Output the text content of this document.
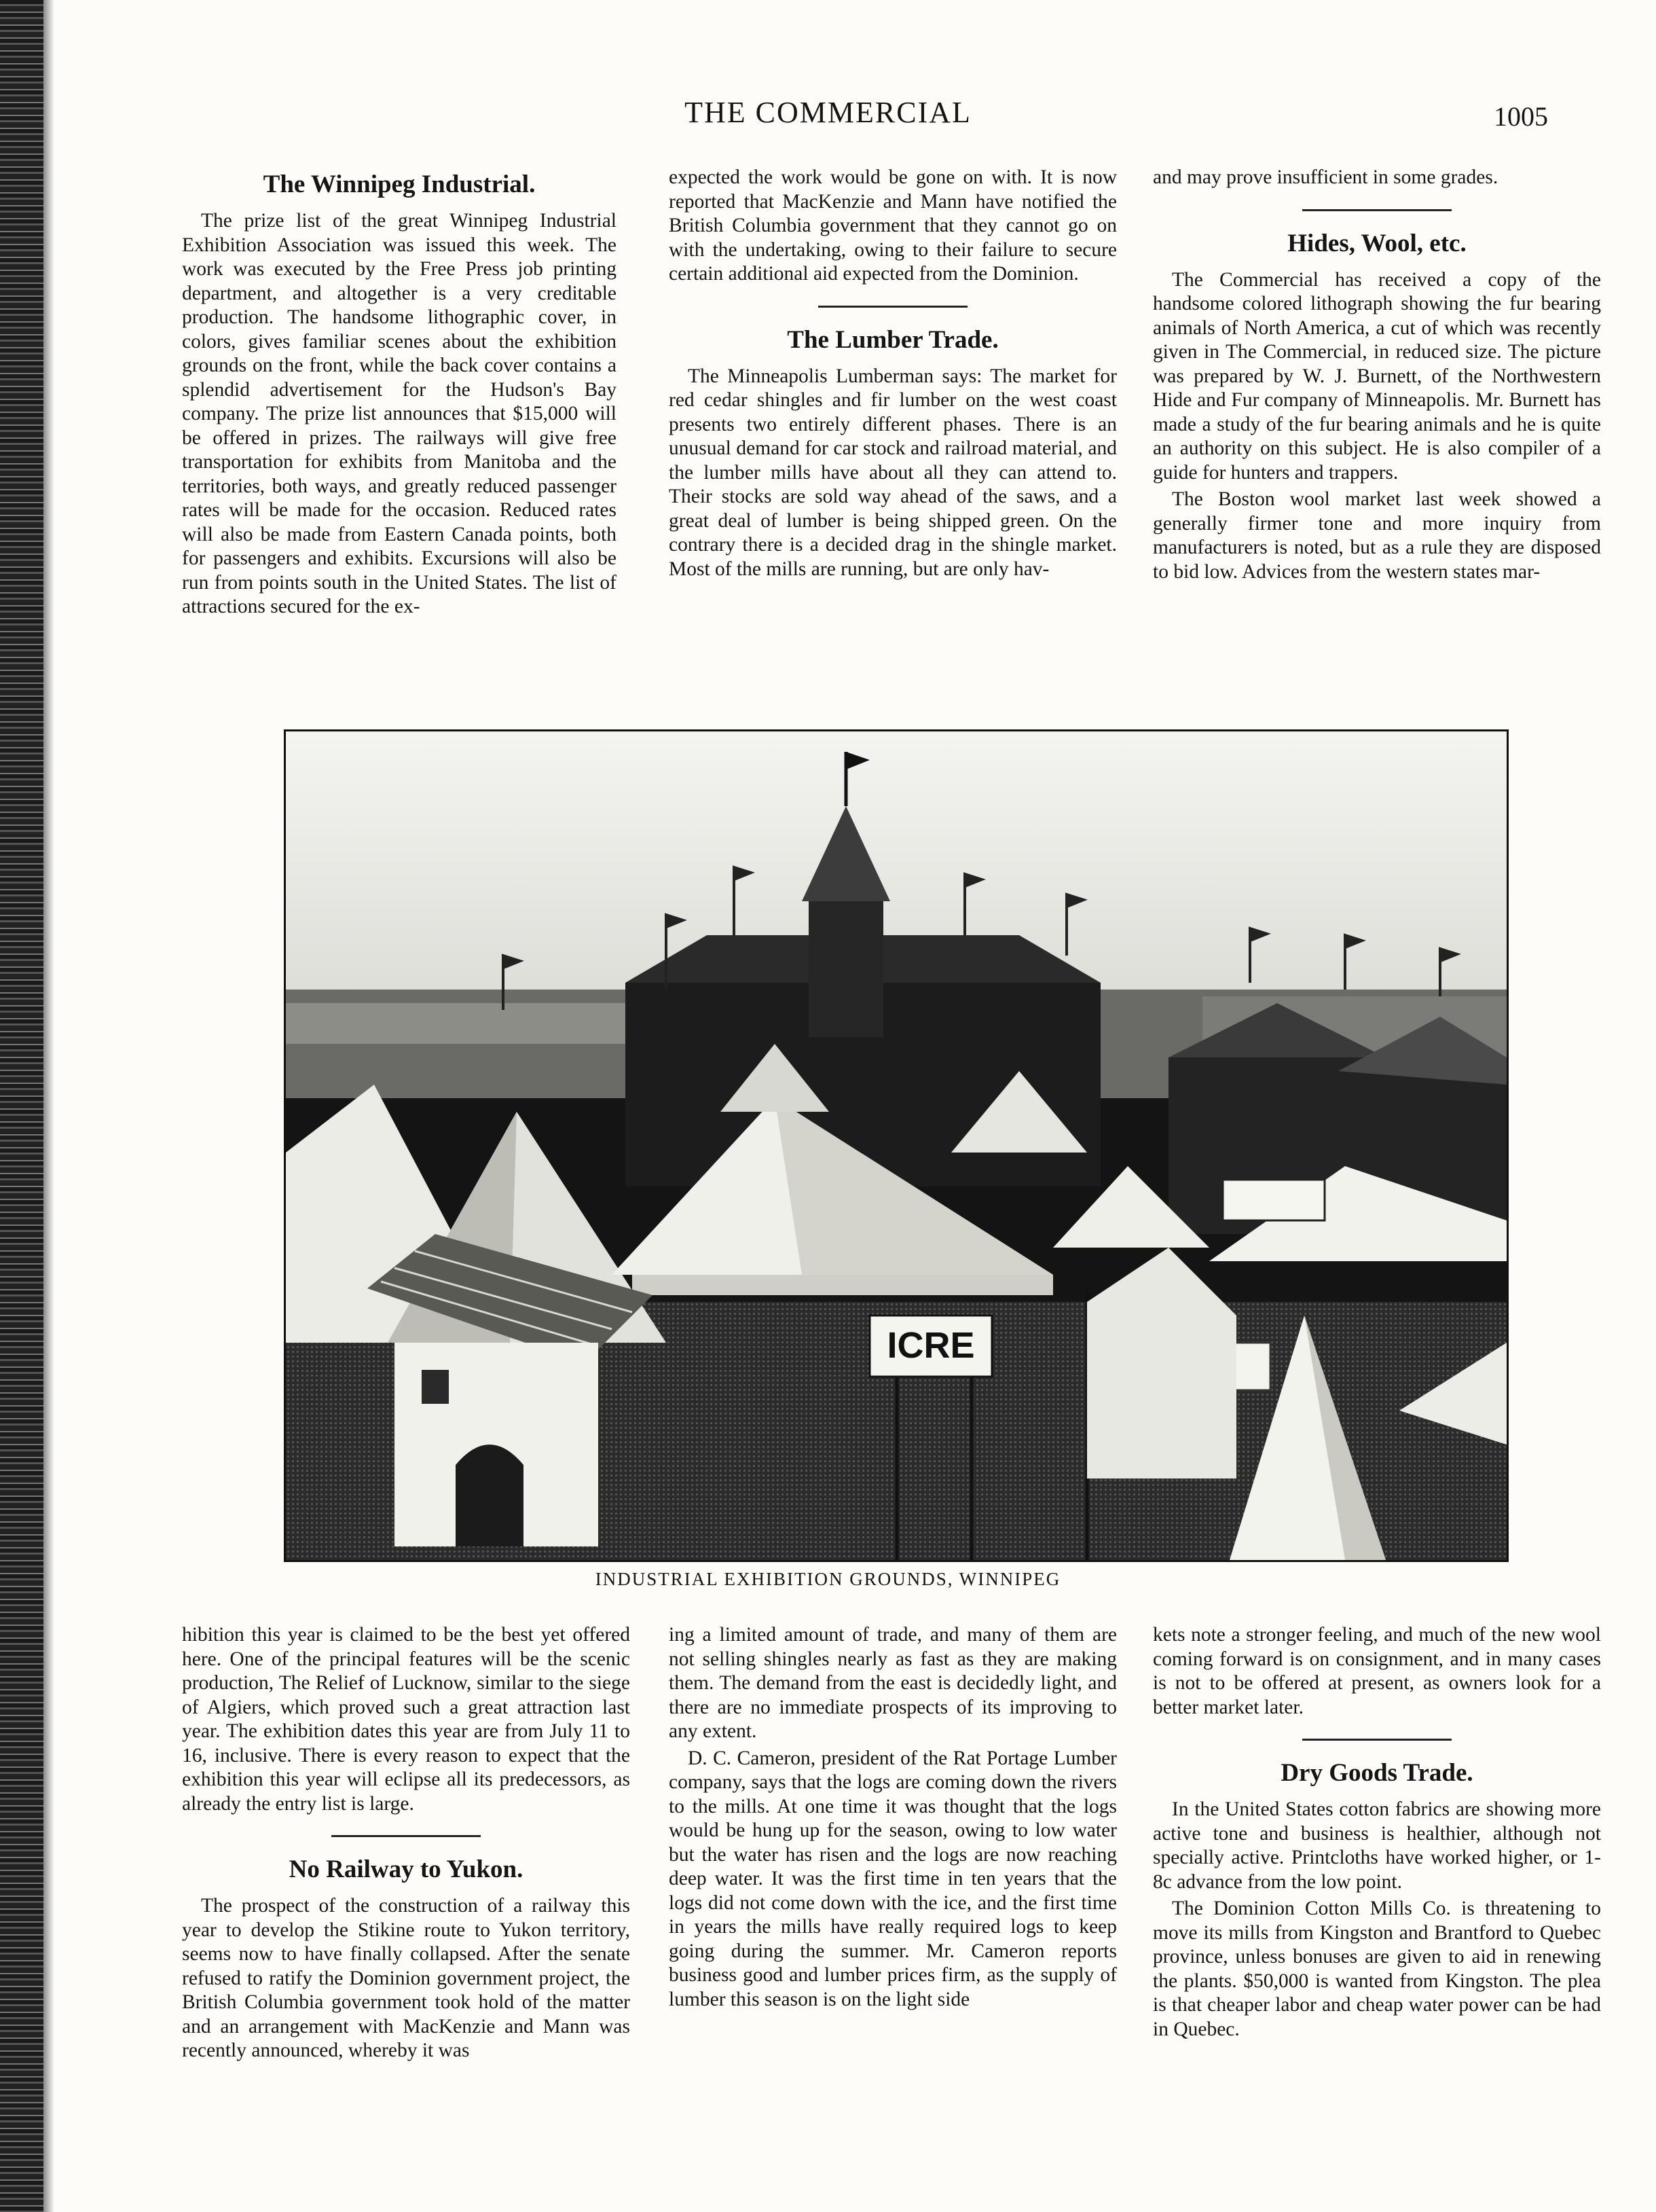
THE COMMERCIAL	1005
The Winnipeg Industrial.

The prize list of the great Winnipeg Industrial Exhibition Association was issued this week. The work was executed by the Free Press job printing department, and altogether is a very creditable production. The handsome lithographic cover, in colors, gives familiar scenes about the exhibition grounds on the front, while the back cover contains a splendid advertisement for the Hudson's Bay company. The prize list announces that $15,000 will be offered in prizes. The railways will give free transportation for exhibits from Manitoba and the territories, both ways, and greatly reduced passenger rates will be made for the occasion. Reduced rates will also be made from Eastern Canada points, both for passengers and exhibits. Excursions will also be run from points south in the United States. The list of attractions secured for the ex-

expected the work would be gone on with. It is now reported that MacKenzie and Mann have notified the British Columbia government that they cannot go on with the undertaking, owing to their failure to secure certain additional aid expected from the Dominion.

The Lumber Trade.

The Minneapolis Lumberman says: The market for red cedar shingles and fir lumber on the west coast presents two entirely different phases. There is an unusual demand for car stock and railroad material, and the lumber mills have about all they can attend to. Their stocks are sold way ahead of the saws, and a great deal of lumber is being shipped green. On the contrary there is a decided drag in the shingle market. Most of the mills are running, but are only hav-

and may prove insufficient in some grades.

Hides, Wool, etc.

The Commercial has received a copy of the handsome colored lithograph showing the fur bearing animals of North America, a cut of which was recently given in The Commercial, in reduced size. The picture was prepared by W. J. Burnett, of the Northwestern Hide and Fur company of Minneapolis. Mr. Burnett has made a study of the fur bearing animals and he is quite an authority on this subject. He is also compiler of a guide for hunters and trappers.

The Boston wool market last week showed a generally firmer tone and more inquiry from manufacturers is noted, but as a rule they are disposed to bid low. Advices from the western states mar-

ICRE
INDUSTRIAL EXHIBITION GROUNDS, WINNIPEG

hibition this year is claimed to be the best yet offered here. One of the principal features will be the scenic production, The Relief of Lucknow, similar to the siege of Algiers, which proved such a great attraction last year. The exhibition dates this year are from July 11 to 16, inclusive. There is every reason to expect that the exhibition this year will eclipse all its predecessors, as already the entry list is large.

No Railway to Yukon.

The prospect of the construction of a railway this year to develop the Stikine route to Yukon territory, seems now to have finally collapsed. After the senate refused to ratify the Dominion government project, the British Columbia government took hold of the matter and an arrangement with MacKenzie and Mann was recently announced, whereby it was

ing a limited amount of trade, and many of them are not selling shingles nearly as fast as they are making them. The demand from the east is decidedly light, and there are no immediate prospects of its improving to any extent.

D. C. Cameron, president of the Rat Portage Lumber company, says that the logs are coming down the rivers to the mills. At one time it was thought that the logs would be hung up for the season, owing to low water but the water has risen and the logs are now reaching deep water. It was the first time in ten years that the logs did not come down with the ice, and the first time in years the mills have really required logs to keep going during the summer. Mr. Cameron reports business good and lumber prices firm, as the supply of lumber this season is on the light side

kets note a stronger feeling, and much of the new wool coming forward is on consignment, and in many cases is not to be offered at present, as owners look for a better market later.

Dry Goods Trade.

In the United States cotton fabrics are showing more active tone and business is healthier, although not specially active. Printcloths have worked higher, or 1-8c advance from the low point.

The Dominion Cotton Mills Co. is threatening to move its mills from Kingston and Brantford to Quebec province, unless bonuses are given to aid in renewing the plants. $50,000 is wanted from Kingston. The plea is that cheaper labor and cheap water power can be had in Quebec.
